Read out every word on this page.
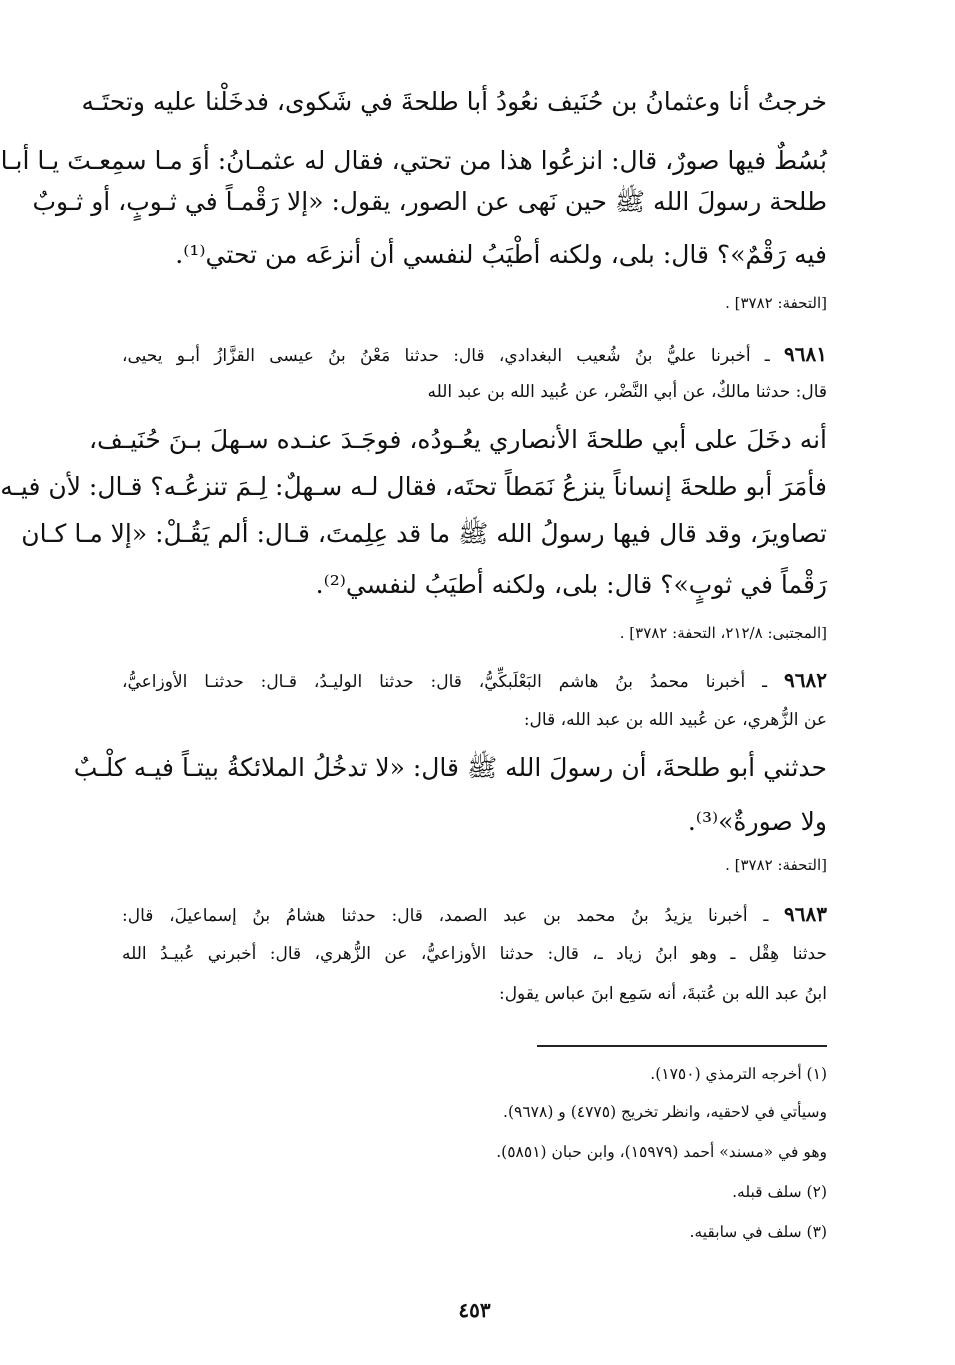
خرجتُ أنا وعثمانُ بن حُنَيف نعُودُ أبا طلحةَ في شَكوى، فدخَلْنا عليه وتحتَـه
بُسُطٌ فيها صورٌ، قال: انزعُوا هذا من تحتي، فقال له عثمـانُ: أوَ مـا سمِعـتَ يـا أبـا
طلحة رسولَ الله ﷺ حين نَهى عن الصور، يقول: «إلا رَقْمـاً في ثـوبٍ، أو ثـوبٌ
فيه رَقْمٌ»؟ قال: بلى، ولكنه أطْيَبُ لنفسي أن أنزعَه من تحتي⁽¹⁾.
[التحفة: ٣٧٨٢] .
٩٦٨١ ـ أخبرنا عليُّ بنُ شُعيب البغدادي، قال: حدثنا مَعْنُ بنُ عيسى القزَّازُ أبـو يحيى،
قال: حدثنا مالكٌ، عن أبي النَّضْر، عن عُبيد الله بن عبد الله
أنه دخَلَ على أبي طلحةَ الأنصاري يعُـودُه، فوجَـدَ عنـده سـهلَ بـنَ حُنَيـف،
فأمَرَ أبو طلحةَ إنساناً ينزعُ نَمَطاً تحتَه، فقال لـه سـهلٌ: لِـمَ تنزعُـه؟ قـال: لأن فيـه
تصاويرَ، وقد قال فيها رسولُ الله ﷺ ما قد عِلِمتَ، قـال: ألم يَقُـلْ: «إلا مـا كـان
رَقْماً في ثوبٍ»؟ قال: بلى، ولكنه أطيَبُ لنفسي⁽²⁾.
[المجتبى: ٢١٢/٨، التحفة: ٣٧٨٢] .
٩٦٨٢ ـ أخبرنا محمدُ بنُ هاشم البَعْلَبكِّيُّ، قال: حدثنا الوليـدُ، قـال: حدثنـا الأوزاعيُّ،
عن الزُّهري، عن عُبيد الله بن عبد الله، قال:
حدثني أبو طلحةَ، أن رسولَ الله ﷺ قال: «لا تدخُلُ الملائكةُ بيتـاً فيـه كلْـبٌ
ولا صورةٌ»⁽³⁾.
[التحفة: ٣٧٨٢] .
٩٦٨٣ ـ أخبرنا يزيدُ بنُ محمد بن عبد الصمد، قال: حدثنا هشامُ بنُ إسماعيلَ، قال:
حدثنا هِقْل ـ وهو ابنُ زياد ـ، قال: حدثنا الأوزاعيُّ، عن الزُّهري، قال: أخبرني عُبيـدُ الله
ابنُ عبد الله بن عُتبةَ، أنه سَمِع ابنَ عباس يقول:
(١) أخرجه الترمذي (١٧٥٠).
وسيأتي في لاحقيه، وانظر تخريج (٤٧٧٥) و (٩٦٧٨).
وهو في «مسند» أحمد (١٥٩٧٩)، وابن حبان (٥٨٥١).
(٢) سلف قبله.
(٣) سلف في سابقيه.
٤٥٣
